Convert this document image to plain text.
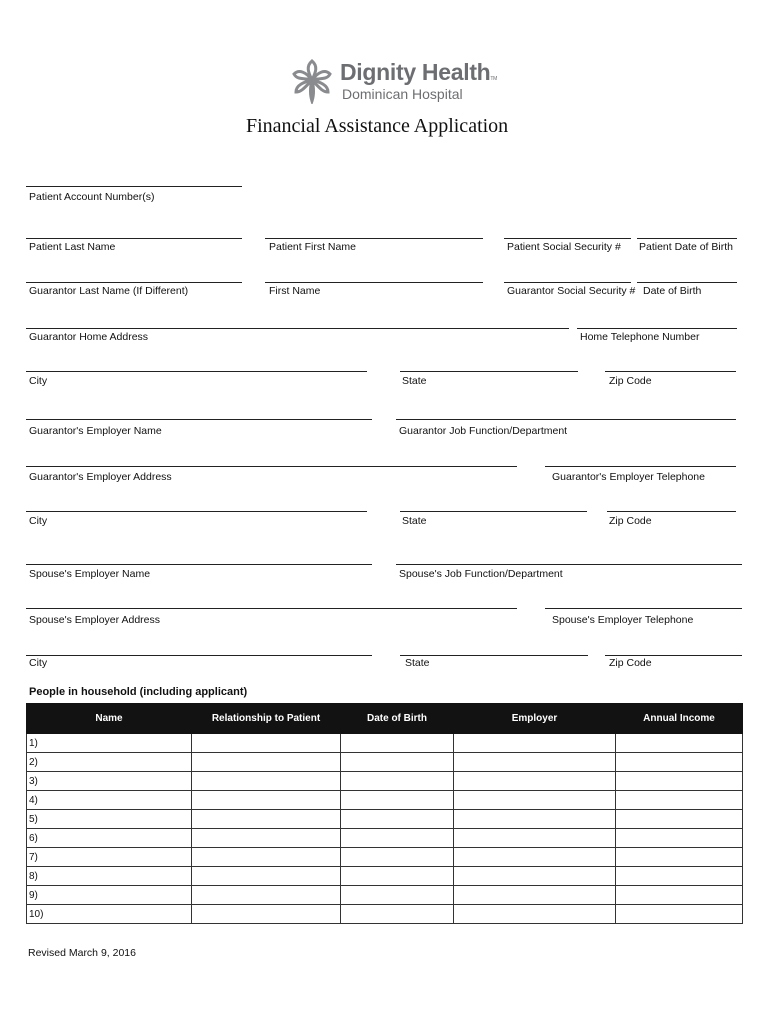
Dignity HealthTM
Dominican Hospital
Financial Assistance Application
Patient Account Number(s)
Patient Last Name	Patient First Name	Patient Social Security # Patient Date of Birth
Guarantor Last Name (If Different)	First Name	Guarantor Social Security # Date of Birth
Guarantor Home Address	Home Telephone Number
City	State	Zip Code
Guarantor's Employer Name	Guarantor Job Function/Department
Guarantor's Employer Address	Guarantor's Employer Telephone
City	State	Zip Code
Spouse's Employer Name	Spouse's Job Function/Department
Spouse's Employer Address	Spouse's Employer Telephone
City	State	Zip Code
People in household (including applicant)
Name	Relationship to Patient	Date of Birth	Employer	Annual Income
1)				
2)				
3)				
4)				
5)				
6)				
7)				
8)				
9)				
10)				
Revised March 9, 2016
